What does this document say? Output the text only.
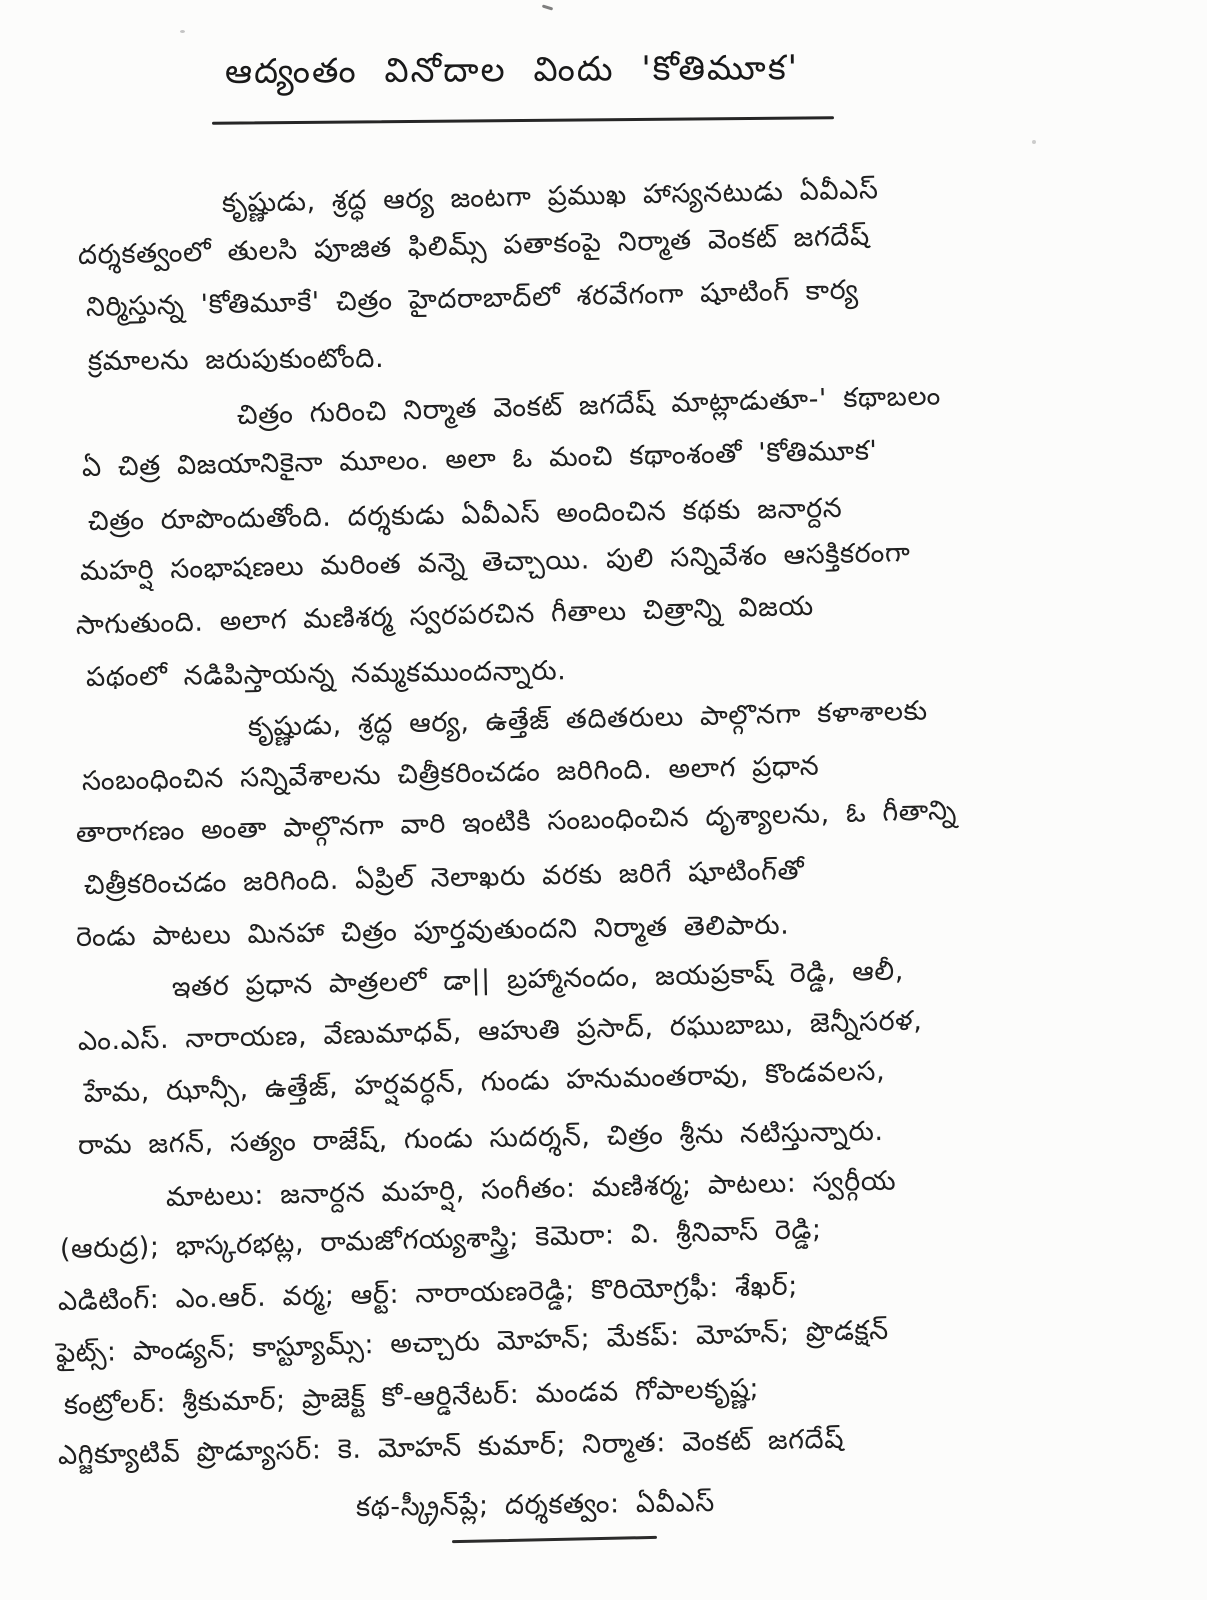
ఆద్యంతం వినోదాల విందు 'కోతిమూక'
కృష్ణుడు, శ్రద్ధ ఆర్య జంటగా ప్రముఖ హాస్యనటుడు ఏవీఎస్
దర్శకత్వంలో తులసి పూజిత ఫిలిమ్స్ పతాకంపై నిర్మాత వెంకట్ జగదేష్
నిర్మిస్తున్న 'కోతిమూకే' చిత్రం హైదరాబాద్‌లో శరవేగంగా షూటింగ్ కార్య
క్రమాలను జరుపుకుంటోంది.
చిత్రం గురించి నిర్మాత వెంకట్ జగదేష్ మాట్లాడుతూ-' కథాబలం
ఏ చిత్ర విజయానికైనా మూలం. అలా ఓ మంచి కథాంశంతో 'కోతిమూక'
చిత్రం రూపొందుతోంది. దర్శకుడు ఏవీఎస్ అందించిన కథకు జనార్దన
మహర్షి సంభాషణలు మరింత వన్నె తెచ్చాయి. పులి సన్నివేశం ఆసక్తికరంగా
సాగుతుంది. అలాగ మణిశర్మ స్వరపరచిన గీతాలు చిత్రాన్ని విజయ
పథంలో నడిపిస్తాయన్న నమ్మకముందన్నారు.
కృష్ణుడు, శ్రద్ధ ఆర్య, ఉత్తేజ్ తదితరులు పాల్గొనగా కళాశాలకు
సంబంధించిన సన్నివేశాలను చిత్రీకరించడం జరిగింది. అలాగ ప్రధాన
తారాగణం అంతా పాల్గొనగా వారి ఇంటికి సంబంధించిన దృశ్యాలను, ఓ గీతాన్ని
చిత్రీకరించడం జరిగింది. ఏప్రిల్ నెలాఖరు వరకు జరిగే షూటింగ్‌తో
రెండు పాటలు మినహా చిత్రం పూర్తవుతుందని నిర్మాత తెలిపారు.
ఇతర ప్రధాన పాత్రలలో డా|| బ్రహ్మానందం, జయప్రకాష్ రెడ్డి, ఆలీ,
ఎం.ఎస్. నారాయణ, వేణుమాధవ్, ఆహుతి ప్రసాద్, రఘుబాబు, జెన్నీసరళ,
హేమ, ఝాన్సీ, ఉత్తేజ్, హర్షవర్ధన్, గుండు హనుమంతరావు, కొండవలస,
రామ జగన్, సత్యం రాజేష్, గుండు సుదర్శన్, చిత్రం శ్రీను నటిస్తున్నారు.
మాటలు: జనార్దన మహర్షి, సంగీతం: మణిశర్మ; పాటలు: స్వర్గీయ
(ఆరుద్ర); భాస్కరభట్ల, రామజోగయ్యశాస్త్రి; కెమెరా: వి. శ్రీనివాస్ రెడ్డి;
ఎడిటింగ్: ఎం.ఆర్. వర్మ; ఆర్ట్: నారాయణరెడ్డి; కొరియోగ్రఫీ: శేఖర్;
ఫైట్స్: పాండ్యన్; కాస్ట్యూమ్స్: అచ్చారు మోహన్; మేకప్: మోహన్; ప్రొడక్షన్
కంట్రోలర్: శ్రీకుమార్; ప్రాజెక్ట్ కో-ఆర్డినేటర్: మండవ గోపాలకృష్ణ;
ఎగ్జిక్యూటివ్ ప్రొడ్యూసర్: కె. మోహన్ కుమార్; నిర్మాత: వెంకట్ జగదేష్
కథ-స్క్రీన్‌ప్లే; దర్శకత్వం: ఏవీఎస్
